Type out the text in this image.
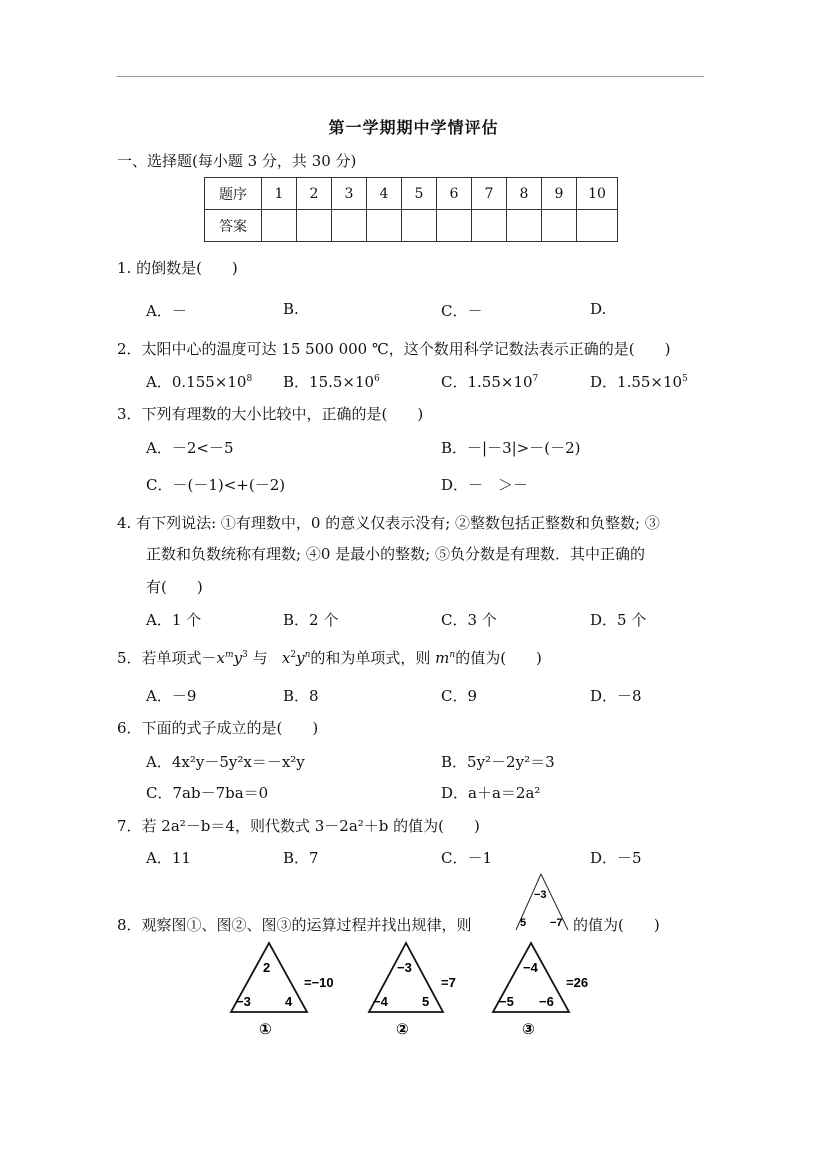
第一学期期中学情评估
一、选择题(每小题 3 分，共 30 分)
题序	1	2	3	4	5	6	7	8	9	10
答案										
1. 的倒数是(　　)
A．－	B.	C．－	D.
2．太阳中心的温度可达 15 500 000 ℃，这个数用科学记数法表示正确的是(　　)
A．$0.155\times 10^8$ B．$15.5\times 10^6$	C．$1.55\times 10^7$	D．$1.55\times 10^5$
3．下列有理数的大小比较中，正确的是(　　)
A．－2<－5	B．－|－3|>－(－2)
C．－(－1)<+(－2)	D．－　＞－
4. 有下列说法: ①有理数中，0 的意义仅表示没有; ②整数包括正整数和负整数; ③
正数和负数统称有理数; ④0 是最小的整数; ⑤负分数是有理数．其中正确的
有(　　)
A．1 个	B．2 个	C．3 个	D．5 个
5．若单项式$-x^my^3$ 与 $x^2y^n$的和为单项式，则 $m^n$的值为(　　)
A．－9	B．8	C．9	D．－8
6．下面的式子成立的是(　　)
A．4x²y－5y²x＝－x²y	B．5y²－2y²＝3
C．7ab－7ba＝0	D．a＋a＝2a²
7．若 2a²－b＝4，则代数式 3－2a²＋b 的值为(　　)
A．11	B．7	C．－1	D．－5
8．观察图①、图②、图③的运算过程并找出规律，则
−3
5 −7 的值为(　　)
2
−3	4
=−10
①
−3
−4	5
=7
②
−4
−5 −6
=26
③
